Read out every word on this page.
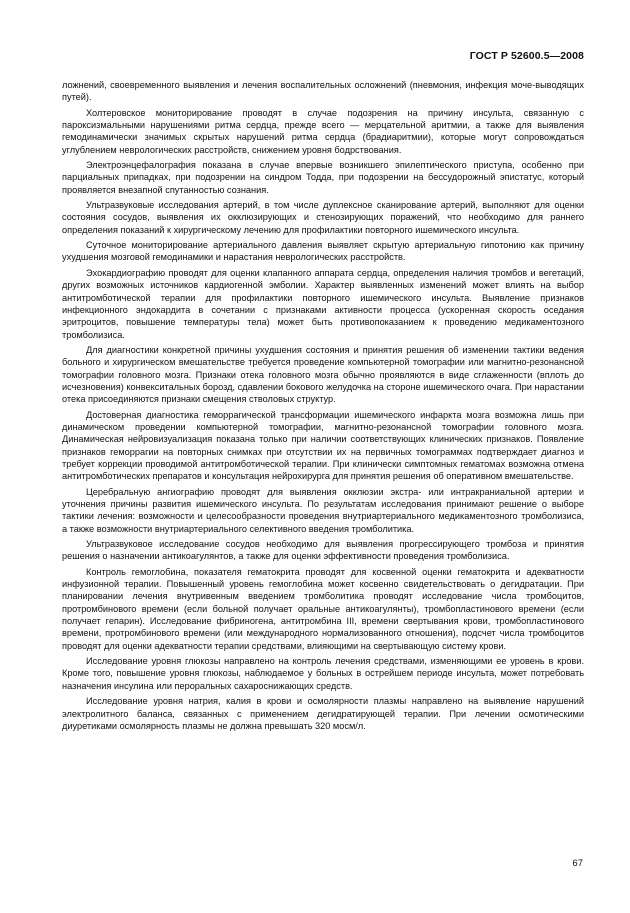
ГОСТ Р 52600.5—2008

ложнений, своевременного выявления и лечения воспалительных осложнений (пневмония, инфекция моче-выводящих путей).

Холтеровское мониторирование проводят в случае подозрения на причину инсульта, связанную с пароксизмальными нарушениями ритма сердца, прежде всего — мерцательной аритмии, а также для выявления гемодинамически значимых скрытых нарушений ритма сердца (брадиаритмии), которые могут сопровождаться углублением неврологических расстройств, снижением уровня бодрствования.

Электроэнцефалография показана в случае впервые возникшего эпилептического приступа, особенно при парциальных припадках, при подозрении на синдром Тодда, при подозрении на бессудорожный эпистатус, который проявляется внезапной спутанностью сознания.

Ультразвуковые исследования артерий, в том числе дуплексное сканирование артерий, выполняют для оценки состояния сосудов, выявления их окклюзирующих и стенозирующих поражений, что необходимо для раннего определения показаний к хирургическому лечению для профилактики повторного ишемического инсульта.

Суточное мониторирование артериального давления выявляет скрытую артериальную гипотонию как причину ухудшения мозговой гемодинамики и нарастания неврологических расстройств.

Эхокардиографию проводят для оценки клапанного аппарата сердца, определения наличия тромбов и вегетаций, других возможных источников кардиогенной эмболии. Характер выявленных изменений может влиять на выбор антитромботической терапии для профилактики повторного ишемического инсульта. Выявление признаков инфекционного эндокардита в сочетании с признаками активности процесса (ускоренная скорость оседания эритроцитов, повышение температуры тела) может быть противопоказанием к проведению медикаментозного тромболизиса.

Для диагностики конкретной причины ухудшения состояния и принятия решения об изменении тактики ведения больного и хирургическом вмешательстве требуется проведение компьютерной томографии или магнитно-резонансной томографии головного мозга. Признаки отека головного мозга обычно проявляются в виде сглаженности (вплоть до исчезновения) конвекситальных борозд, сдавлении бокового желудочка на стороне ишемического очага. При нарастании отека присоединяются признаки смещения стволовых структур.

Достоверная диагностика геморрагической трансформации ишемического инфаркта мозга возможна лишь при динамическом проведении компьютерной томографии, магнитно-резонансной томографии головного мозга. Динамическая нейровизуализация показана только при наличии соответствующих клинических признаков. Появление признаков геморрагии на повторных снимках при отсутствии их на первичных томограммах подтверждает диагноз и требует коррекции проводимой антитромботической терапии. При клинически симптомных гематомах возможна отмена антитромботических препаратов и консультация нейрохирурга для принятия решения об оперативном вмешательстве.

Церебральную ангиографию проводят для выявления окклюзии экстра- или интракраниальной артерии и уточнения причины развития ишемического инсульта. По результатам исследования принимают решение о выборе тактики лечения: возможности и целесообразности проведения внутриартериального медикаментозного тромболизиса, а также возможности внутриартериального селективного введения тромболитика.

Ультразвуковое исследование сосудов необходимо для выявления прогрессирующего тромбоза и принятия решения о назначении антикоагулянтов, а также для оценки эффективности проведения тромболизиса.

Контроль гемоглобина, показателя гематокрита проводят для косвенной оценки гематокрита и адекватности инфузионной терапии. Повышенный уровень гемоглобина может косвенно свидетельствовать о дегидратации. При планировании лечения внутривенным введением тромболитика проводят исследование числа тромбоцитов, протромбинового времени (если больной получает оральные антикоагулянты), тромбопластинового времени (если получает гепарин). Исследование фибриногена, антитромбина III, времени свертывания крови, тромбопластинового времени, протромбинового времени (или международного нормализованного отношения), подсчет числа тромбоцитов проводят для оценки адекватности терапии средствами, влияющими на свертывающую систему крови.

Исследование уровня глюкозы направлено на контроль лечения средствами, изменяющими ее уровень в крови. Кроме того, повышение уровня глюкозы, наблюдаемое у больных в острейшем периоде инсульта, может потребовать назначения инсулина или пероральных сахароснижающих средств.

Исследование уровня натрия, калия в крови и осмолярности плазмы направлено на выявление нарушений электролитного баланса, связанных с применением дегидратирующей терапии. При лечении осмотическими диуретиками осмолярность плазмы не должна превышать 320 мосм/л.

67
